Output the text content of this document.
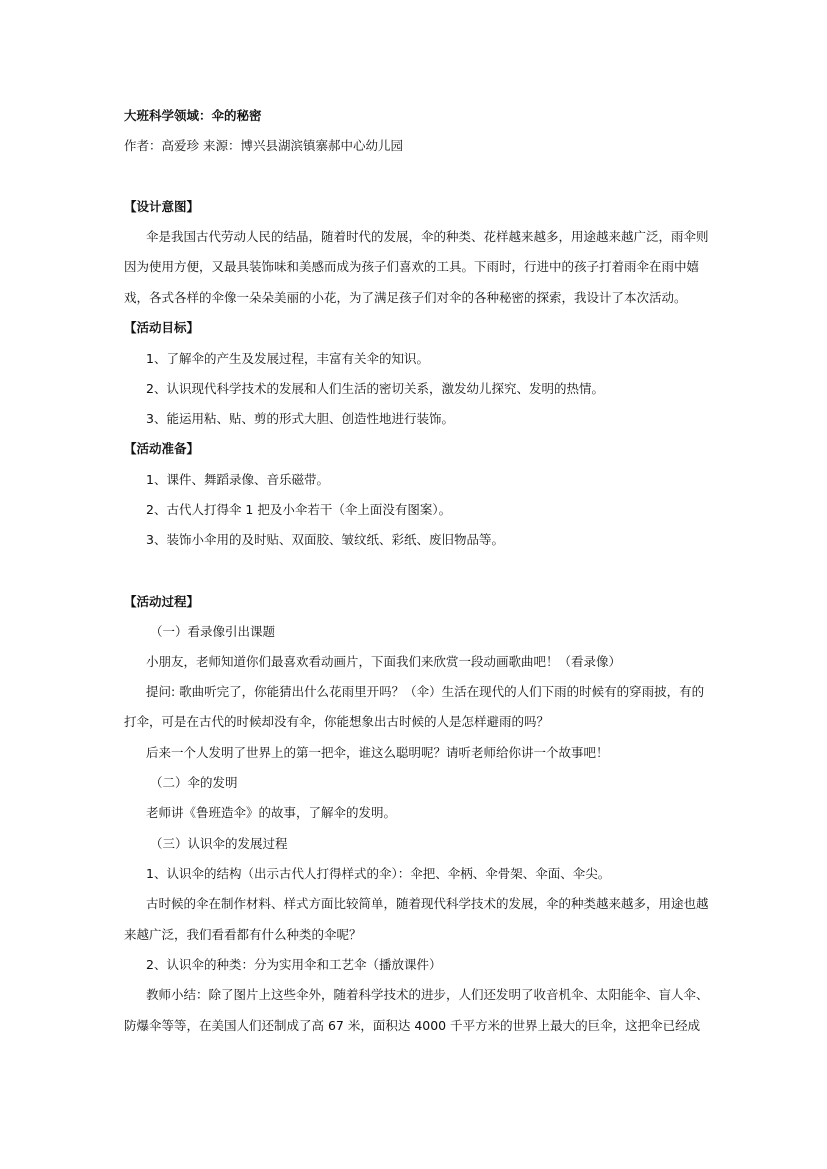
大班科学领域：伞的秘密
作者：高爱珍 来源：博兴县湖滨镇寨郝中心幼儿园
【设计意图】
伞是我国古代劳动人民的结晶，随着时代的发展，伞的种类、花样越来越多，用途越来越广泛，雨伞则
因为使用方便，又最具装饰味和美感而成为孩子们喜欢的工具。下雨时，行进中的孩子打着雨伞在雨中嬉
戏，各式各样的伞像一朵朵美丽的小花，为了满足孩子们对伞的各种秘密的探索，我设计了本次活动。
【活动目标】
1、了解伞的产生及发展过程，丰富有关伞的知识。
2、认识现代科学技术的发展和人们生活的密切关系，激发幼儿探究、发明的热情。
3、能运用粘、贴、剪的形式大胆、创造性地进行装饰。
【活动准备】
1、课件、舞蹈录像、音乐磁带。
2、古代人打得伞 1 把及小伞若干（伞上面没有图案）。
3、装饰小伞用的及时贴、双面胶、皱纹纸、彩纸、废旧物品等。
【活动过程】
（一）看录像引出课题
小朋友，老师知道你们最喜欢看动画片，下面我们来欣赏一段动画歌曲吧！（看录像）
提问: 歌曲听完了，你能猜出什么花雨里开吗？（伞）生活在现代的人们下雨的时候有的穿雨披，有的
打伞，可是在古代的时候却没有伞，你能想象出古时候的人是怎样避雨的吗？
后来一个人发明了世界上的第一把伞，谁这么聪明呢？请听老师给你讲一个故事吧！
（二）伞的发明
老师讲《鲁班造伞》的故事，了解伞的发明。
（三）认识伞的发展过程
1、认识伞的结构（出示古代人打得样式的伞）：伞把、伞柄、伞骨架、伞面、伞尖。
古时候的伞在制作材料、样式方面比较简单，随着现代科学技术的发展，伞的种类越来越多，用途也越
来越广泛，我们看看都有什么种类的伞呢？
2、认识伞的种类：分为实用伞和工艺伞（播放课件）
教师小结：除了图片上这些伞外，随着科学技术的进步，人们还发明了收音机伞、太阳能伞、盲人伞、
防爆伞等等，在美国人们还制成了高 67 米，面积达 4000 千平方米的世界上最大的巨伞，这把伞已经成
